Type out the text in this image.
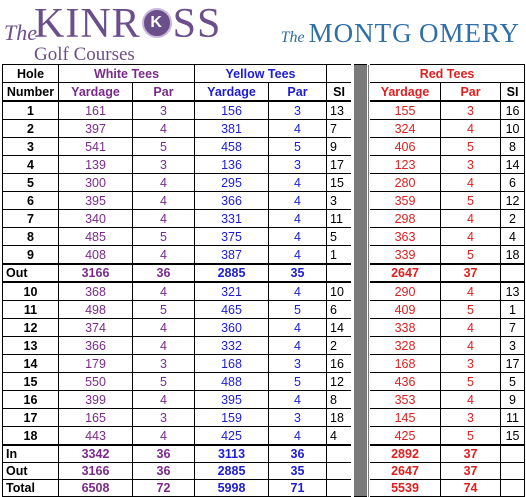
The
KINR K SS
Golf Courses
The MONTG OMERY
Hole	White Tees		Yellow Tees				Red Tees		
Number	Yardage	Par	Yardage	Par	SI		Yardage	Par	SI
1	161	3	156	3	13		155	3	16
2	397	4	381	4	7		324	4	10
3	541	5	458	5	9		406	5	8
4	139	3	136	3	17		123	3	14
5	300	4	295	4	15		280	4	6
6	395	4	366	4	3		359	5	12
7	340	4	331	4	11		298	4	2
8	485	5	375	4	5		363	4	4
9	408	4	387	4	1		339	5	18
Out	3166	36	2885	35			2647	37	
10	368	4	321	4	10		290	4	13
11	498	5	465	5	6		409	5	1
12	374	4	360	4	14		338	4	7
13	366	4	332	4	2		328	4	3
14	179	3	168	3	16		168	3	17
15	550	5	488	5	12		436	5	5
16	399	4	395	4	8		353	4	9
17	165	3	159	3	18		145	3	11
18	443	4	425	4	4		425	5	15
In	3342	36	3113	36			2892	37	
Out	3166	36	2885	35			2647	37	
Total	6508	72	5998	71			5539	74	
